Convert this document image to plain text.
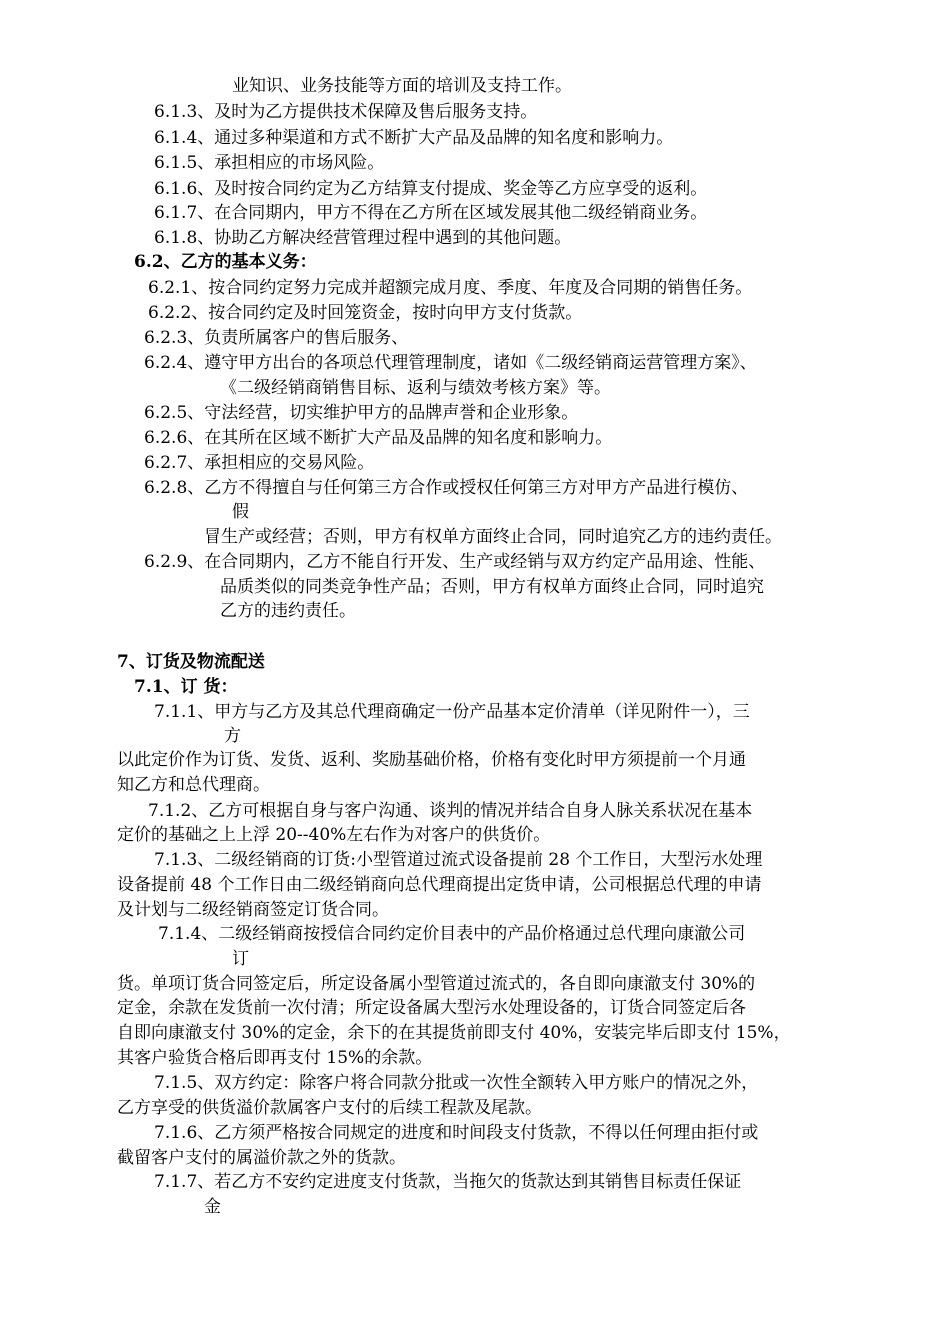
业知识、业务技能等方面的培训及支持工作。
6.1.3、及时为乙方提供技术保障及售后服务支持。
6.1.4、通过多种渠道和方式不断扩大产品及品牌的知名度和影响力。
6.1.5、承担相应的市场风险。
6.1.6、及时按合同约定为乙方结算支付提成、奖金等乙方应享受的返利。
6.1.7、在合同期内，甲方不得在乙方所在区域发展其他二级经销商业务。
6.1.8、协助乙方解决经营管理过程中遇到的其他问题。
6.2、乙方的基本义务：
6.2.1、按合同约定努力完成并超额完成月度、季度、年度及合同期的销售任务。
6.2.2、按合同约定及时回笼资金，按时向甲方支付货款。
6.2.3、负责所属客户的售后服务、
6.2.4、遵守甲方出台的各项总代理管理制度，诸如《二级经销商运营管理方案》、
《二级经销商销售目标、返利与绩效考核方案》等。
6.2.5、守法经营，切实维护甲方的品牌声誉和企业形象。
6.2.6、在其所在区域不断扩大产品及品牌的知名度和影响力。
6.2.7、承担相应的交易风险。
6.2.8、乙方不得擅自与任何第三方合作或授权任何第三方对甲方产品进行模仿、
假
冒生产或经营；否则，甲方有权单方面终止合同，同时追究乙方的违约责任。
6.2.9、在合同期内，乙方不能自行开发、生产或经销与双方约定产品用途、性能、
品质类似的同类竞争性产品；否则，甲方有权单方面终止合同，同时追究
乙方的违约责任。
7、订货及物流配送
7.1、订 货：
7.1.1、甲方与乙方及其总代理商确定一份产品基本定价清单（详见附件一），三
方
以此定价作为订货、发货、返利、奖励基础价格，价格有变化时甲方须提前一个月通
知乙方和总代理商。
7.1.2、乙方可根据自身与客户沟通、谈判的情况并结合自身人脉关系状况在基本
定价的基础之上上浮 20--40%左右作为对客户的供货价。
7.1.3、二级经销商的订货:小型管道过流式设备提前 28 个工作日，大型污水处理
设备提前 48 个工作日由二级经销商向总代理商提出定货申请，公司根据总代理的申请
及计划与二级经销商签定订货合同。
7.1.4、二级经销商按授信合同约定价目表中的产品价格通过总代理向康澈公司
订
货。单项订货合同签定后，所定设备属小型管道过流式的，各自即向康澈支付 30%的
定金，余款在发货前一次付清；所定设备属大型污水处理设备的，订货合同签定后各
自即向康澈支付 30%的定金，余下的在其提货前即支付 40%，安装完毕后即支付 15%，
其客户验货合格后即再支付 15%的余款。
7.1.5、双方约定：除客户将合同款分批或一次性全额转入甲方账户的情况之外，
乙方享受的供货溢价款属客户支付的后续工程款及尾款。
7.1.6、乙方须严格按合同规定的进度和时间段支付货款，不得以任何理由拒付或
截留客户支付的属溢价款之外的货款。
7.1.7、若乙方不安约定进度支付货款，当拖欠的货款达到其销售目标责任保证
金
